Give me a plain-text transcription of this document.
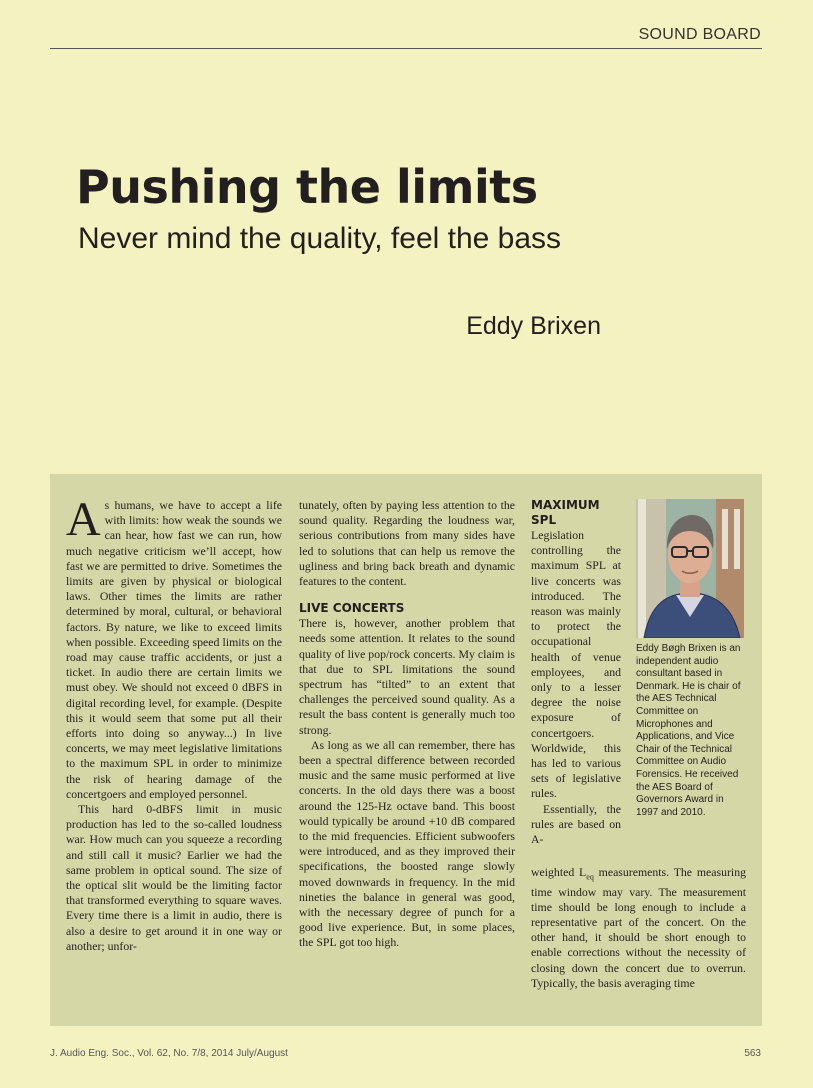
SOUND BOARD
Pushing the limits
Never mind the quality, feel the bass
Eddy Brixen
A s humans, we have to accept a life with limits: how weak the sounds we can hear, how fast we can run, how much negative criticism we’ll accept, how fast we are permitted to drive. Sometimes the limits are given by physical or biological laws. Other times the limits are rather determined by moral, cultural, or behavioral factors. By nature, we like to exceed limits when possible. Exceeding speed limits on the road may cause traffic accidents, or just a ticket. In audio there are certain limits we must obey. We should not exceed 0 dBFS in digital recording level, for example. (Despite this it would seem that some put all their efforts into doing so anyway...) In live concerts, we may meet legislative limitations to the maximum SPL in order to minimize the risk of hearing damage of the concertgoers and employed personnel.

This hard 0-dBFS limit in music production has led to the so-called loudness war. How much can you squeeze a recording and still call it music? Earlier we had the same problem in optical sound. The size of the optical slit would be the limiting factor that transformed everything to square waves. Every time there is a limit in audio, there is also a desire to get around it in one way or another; unfor-

tunately, often by paying less attention to the sound quality. Regarding the loudness war, serious contributions from many sides have led to solutions that can help us remove the ugliness and bring back breath and dynamic features to the content.

LIVE CONCERTS

There is, however, another problem that needs some attention. It relates to the sound quality of live pop/rock concerts. My claim is that due to SPL limitations the sound spectrum has “tilted” to an extent that challenges the perceived sound quality. As a result the bass content is generally much too strong.

As long as we all can remember, there has been a spectral difference between recorded music and the same music performed at live concerts. In the old days there was a boost around the 125-Hz octave band. This boost would typically be around +10 dB compared to the mid frequencies. Efficient subwoofers were introduced, and as they improved their specifications, the boosted range slowly moved downwards in frequency. In the mid nineties the balance in general was good, with the necessary degree of punch for a good live experience. But, in some places, the SPL got too high.

MAXIMUM SPL

Legislation controlling the maximum SPL at live concerts was introduced. The reason was mainly to protect the occupational health of venue employees, and only to a lesser degree the noise exposure of concertgoers. Worldwide, this has led to various sets of legislative rules.

Essentially, the rules are based on A-

weighted $L_{eq}$ measurements. The measuring time window may vary. The measurement time should be long enough to include a representative part of the concert. On the other hand, it should be short enough to enable corrections without the necessity of closing down the concert due to overrun. Typically, the basis averaging time

Eddy Bøgh Brixen is an independent audio consultant based in Denmark. He is chair of the AES Technical Committee on Microphones and Applications, and Vice Chair of the Technical Committee on Audio Forensics. He received the AES Board of Governors Award in 1997 and 2010.
J. Audio Eng. Soc., Vol. 62, No. 7/8, 2014 July/August	563
